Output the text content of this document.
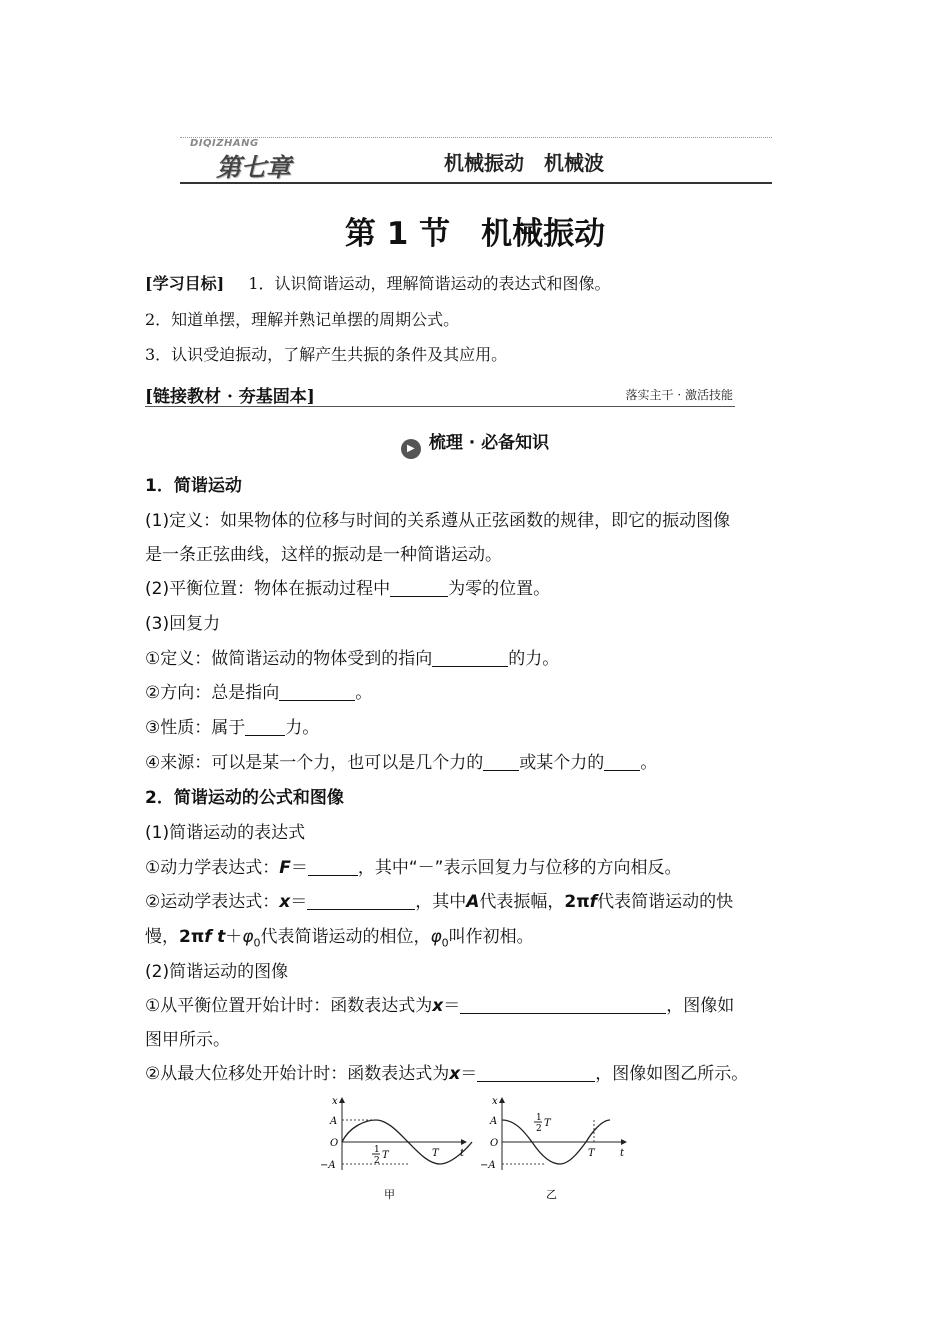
DIQIZHANG
第七章	机械振动　机械波
第 1 节　机械振动
[学习目标] 1．认识简谐运动，理解简谐运动的表达式和图像。
2．知道单摆，理解并熟记单摆的周期公式。
3．认识受迫振动，了解产生共振的条件及其应用。
[链接教材 · 夯基固本]	落实主干 · 激活技能
▶ 梳理 · 必备知识
1．简谐运动
(1)定义：如果物体的位移与时间的关系遵从正弦函数的规律，即它的振动图像
是一条正弦曲线，这样的振动是一种简谐运动。
(2)平衡位置：物体在振动过程中	为零的位置。
(3)回复力
①定义：做简谐运动的物体受到的指向	的力。
②方向：总是指向	。
③性质：属于 力。
④来源：可以是某一个力，也可以是几个力的 或某个力的 。
2．简谐运动的公式和图像
(1)简谐运动的表达式
①动力学表达式：F＝	，其中“－”表示回复力与位移的方向相反。
②运动学表达式：x＝	，其中A代表振幅，2πf代表简谐运动的快
慢，2πf $t+\varphi_0$代表简谐运动的相位，$\varphi_0$叫作初相。
(2)简谐运动的图像
①从平衡位置开始计时：函数表达式为x＝	，图像如
图甲所示。
②从最大位移处开始计时：函数表达式为x＝	，图像如图乙所示。
x
A
O
−A
1
2 T	T t
甲
x
A
O
−A
1
2 T
T	t
乙
